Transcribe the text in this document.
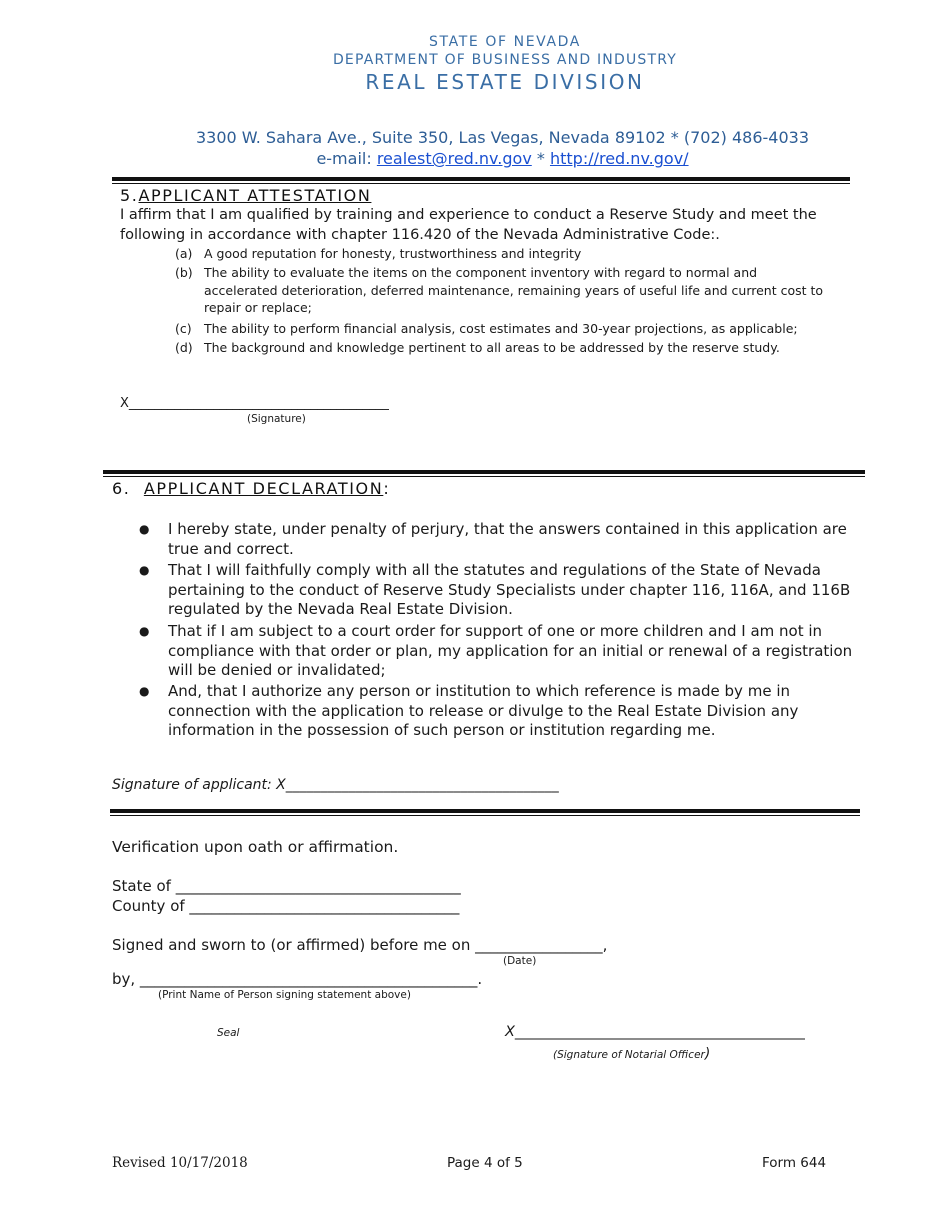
STATE OF NEVADA
DEPARTMENT OF BUSINESS AND INDUSTRY
REAL ESTATE DIVISION
3300 W. Sahara Ave., Suite 350, Las Vegas, Nevada 89102 * (702) 486-4033
e-mail: realest@red.nv.gov * http://red.nv.gov/
5.APPLICANT ATTESTATION
I affirm that I am qualified by training and experience to conduct a Reserve Study and meet the following in accordance with chapter 116.420 of the Nevada Administrative Code:.
(a) A good reputation for honesty, trustworthiness and integrity
(b) The ability to evaluate the items on the component inventory with regard to normal and accelerated deterioration, deferred maintenance, remaining years of useful life and current cost to repair or replace;
(c) The ability to perform financial analysis, cost estimates and 30-year projections, as applicable;
(d) The background and knowledge pertinent to all areas to be addressed by the reserve study.
X________________________________________
(Signature)
6. APPLICANT DECLARATION:
● I hereby state, under penalty of perjury, that the answers contained in this application are true and correct.
● That I will faithfully comply with all the statutes and regulations of the State of Nevada pertaining to the conduct of Reserve Study Specialists under chapter 116, 116A, and 116B regulated by the Nevada Real Estate Division.
● That if I am subject to a court order for support of one or more children and I am not in compliance with that order or plan, my application for an initial or renewal of a registration will be denied or invalidated;
● And, that I authorize any person or institution to which reference is made by me in connection with the application to release or divulge to the Real Estate Division any information in the possession of such person or institution regarding me.
Signature of applicant: X_______________________________________
Verification upon oath or affirmation.
State of ______________________________________
County of ____________________________________
Signed and sworn to (or affirmed) before me on _________________,
(Date)
by, _____________________________________________.
(Print Name of Person signing statement above)
Seal	X________________________________________
(Signature of Notarial Officer)
Revised 10/17/2018	Page 4 of 5	Form 644
